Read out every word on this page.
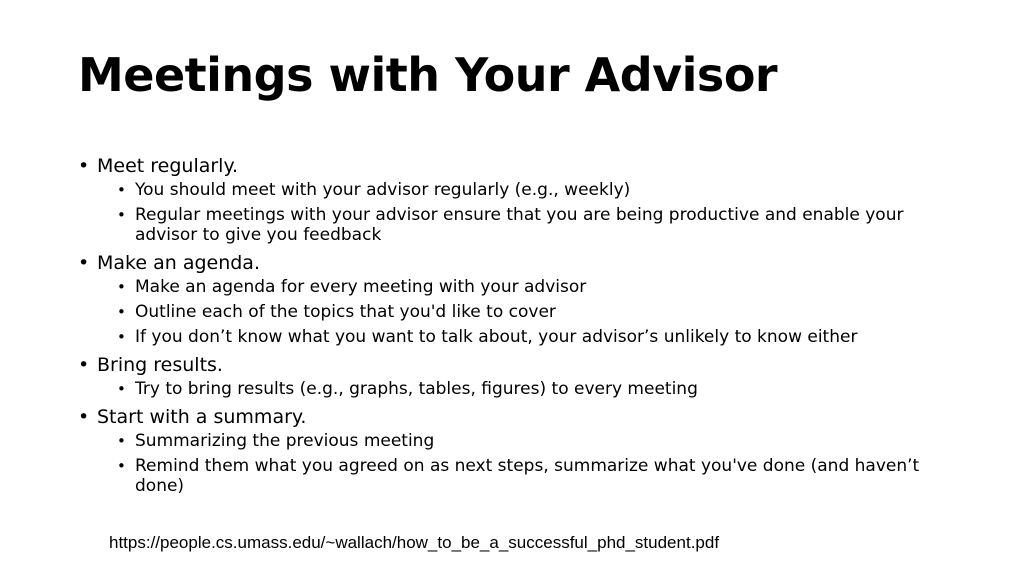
Meetings with Your Advisor
• Meet regularly.
• You should meet with your advisor regularly (e.g., weekly)
• Regular meetings with your advisor ensure that you are being productive and enable your advisor to give you feedback
• Make an agenda.
• Make an agenda for every meeting with your advisor
• Outline each of the topics that you'd like to cover
• If you don’t know what you want to talk about, your advisor’s unlikely to know either
• Bring results.
• Try to bring results (e.g., graphs, tables, figures) to every meeting
• Start with a summary.
• Summarizing the previous meeting
• Remind them what you agreed on as next steps, summarize what you've done (and haven’t done)
https://people.cs.umass.edu/~wallach/how_to_be_a_successful_phd_student.pdf
